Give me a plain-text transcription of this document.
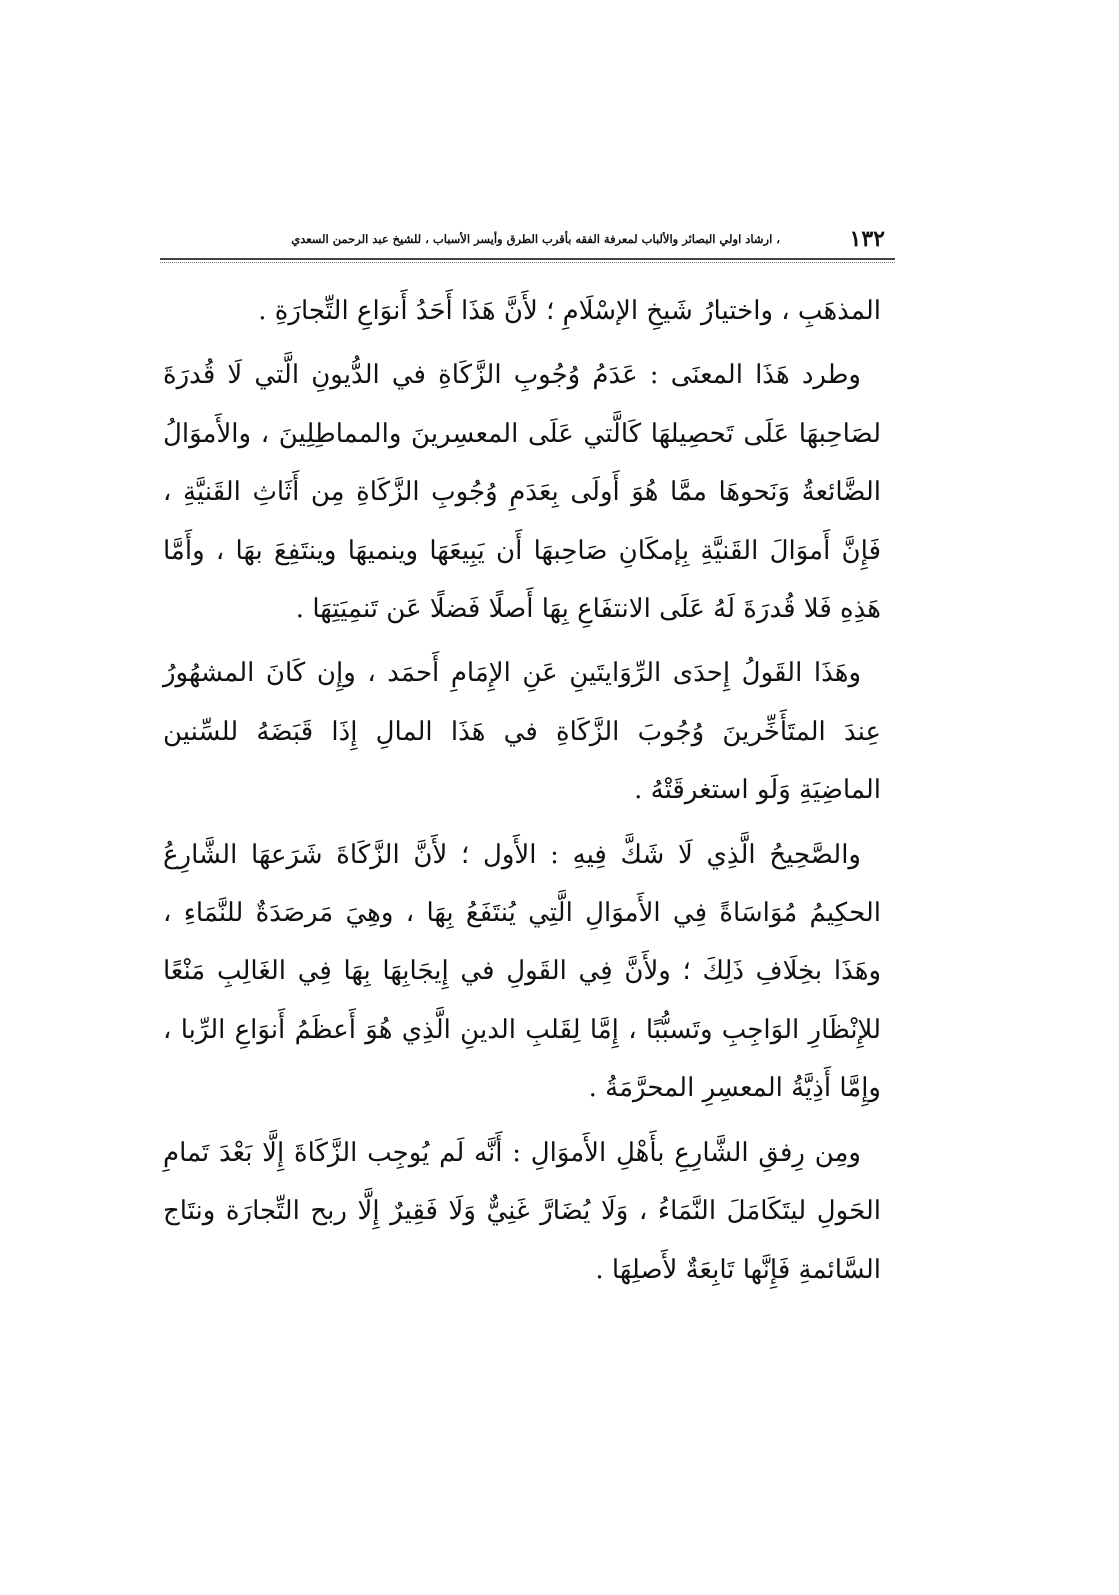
١٣٢
، ارشاد اولي البصائر والألباب لمعرفة الفقه بأقرب الطرق وأيسر الأسباب ، للشيخ عبد الرحمن السعدي

المذهَبِ ، واختيارُ شَيخِ الإسْلَامِ ؛ لأَنَّ هَذَا أَحَدُ أَنوَاعِ التِّجارَةِ .

وطرد هَذَا المعنَى : عَدَمُ وُجُوبِ الزَّكَاةِ في الدُّيونِ الَّتي لَا قُدرَةَ لصَاحِبهَا عَلَى تَحصِيلهَا كَالَّتي عَلَى المعسِرينَ والمماطِلِينَ ، والأَموَالُ الضَّائعةُ وَنَحوهَا ممَّا هُوَ أَولَى بِعَدَمِ وُجُوبِ الزَّكَاةِ مِن أَثَاثِ القَنيَّةِ ، فَإِنَّ أَموَالَ القَنيَّةِ بِإمكَانِ صَاحِبهَا أَن يَبِيعَهَا وينميهَا وينتَفِعَ بهَا ، وأَمَّا هَذِهِ فَلا قُدرَةَ لَهُ عَلَى الانتفَاعِ بِهَا أَصلًا فَضلًا عَن تَنمِيَتِهَا .

وهَذَا القَولُ إِحدَى الرِّوَايتَينِ عَنِ الإِمَامِ أَحمَد ، وإِن كَانَ المشهُورُ عِندَ المتَأَخِّرينَ وُجُوبَ الزَّكَاةِ في هَذَا المالِ إِذَا قَبَضَهُ للسِّنين الماضِيَةِ وَلَو استغرقَتْهُ .

والصَّحِيحُ الَّذِي لَا شَكَّ فِيهِ : الأَول ؛ لأَنَّ الزَّكَاةَ شَرَعهَا الشَّارِعُ الحكِيمُ مُوَاسَاةً فِي الأَموَالِ الَّتِي يُنتَفَعُ بِهَا ، وهِيَ مَرصَدَةٌ للنَّمَاءِ ، وهَذَا بخِلَافِ ذَلِكَ ؛ ولأَنَّ فِي القَولِ في إِيجَابِهَا بِهَا فِي الغَالِبِ مَنْعًا للإِنْظَارِ الوَاجِبِ وتَسبُّبًا ، إِمَّا لِقَلبِ الدينِ الَّذِي هُوَ أَعظَمُ أَنوَاعِ الرِّبا ، وإِمَّا أَذِيَّةُ المعسِرِ المحرَّمَةُ .

ومِن رِفقِ الشَّارِعِ بأَهْلِ الأَموَالِ : أَنَّه لَم يُوجِب الزَّكَاةَ إِلَّا بَعْدَ تَمامِ الحَولِ ليتَكَامَلَ النَّمَاءُ ، وَلَا يُضَارَّ غَنِيٌّ وَلَا فَقِيرٌ إِلَّا ربح التِّجارَة ونتَاج السَّائمةِ فَإِنَّها تَابِعَةٌ لأَصلِهَا .
